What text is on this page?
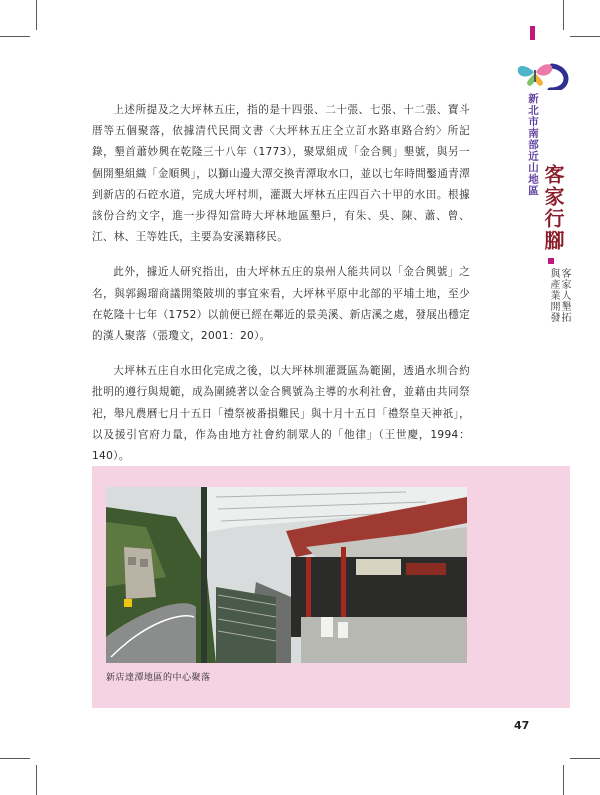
上述所提及之大坪林五庄，指的是十四張、二十張、七張、十二張、寶斗厝等五個聚落，依據清代民間文書〈大坪林五庄仝立訂水路車路合約〉所記錄，墾首蕭妙興在乾隆三十八年（1773），聚眾組成「金合興」墾號，與另一個開墾組織「金順興」，以獅山邊大潭交換青潭取水口，並以七年時間鑿通青潭到新店的石硿水道，完成大坪村圳，灌溉大坪林五庄四百六十甲的水田。根據該份合約文字，進一步得知當時大坪林地區墾戶，有朱、吳、陳、蕭、曾、江、林、王等姓氏，主要為安溪籍移民。

此外，據近人研究指出，由大坪林五庄的泉州人能共同以「金合興號」之名，與郭錫瑠商議開築陂圳的事宜來看，大坪林平原中北部的平埔土地，至少在乾隆十七年（1752）以前便已經在鄰近的景美溪、新店溪之處，發展出穩定的漢人聚落（張瓊文，2001：20）。

大坪林五庄自水田化完成之後，以大坪林圳灌溉區為範圍，透過水圳合約批明的遵行與規範，成為圍繞著以金合興號為主導的水利社會，並藉由共同祭祀，舉凡農曆七月十五日「禮祭被番損難民」與十月十五日「禮祭皇天神祇」，以及援引官府力量，作為由地方社會約制眾人的「他律」（王世慶，1994：140）。

新北市南部近山地區
客家行腳
客家人墾拓與產業開發
新店達潭地區的中心聚落
47
